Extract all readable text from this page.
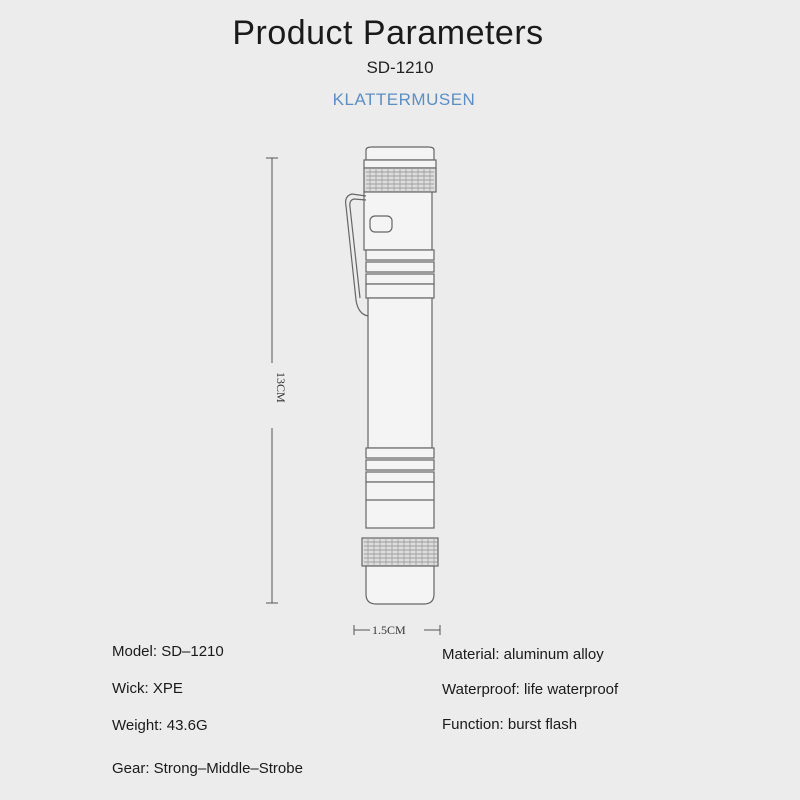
Product Parameters
SD-1210
KLATTERMUSEN
13CM
1.5CM
Model: SD–1210
Wick: XPE
Weight: 43.6G
Gear: Strong–Middle–Strobe
Material: aluminum alloy
Waterproof: life waterproof
Function: burst flash
